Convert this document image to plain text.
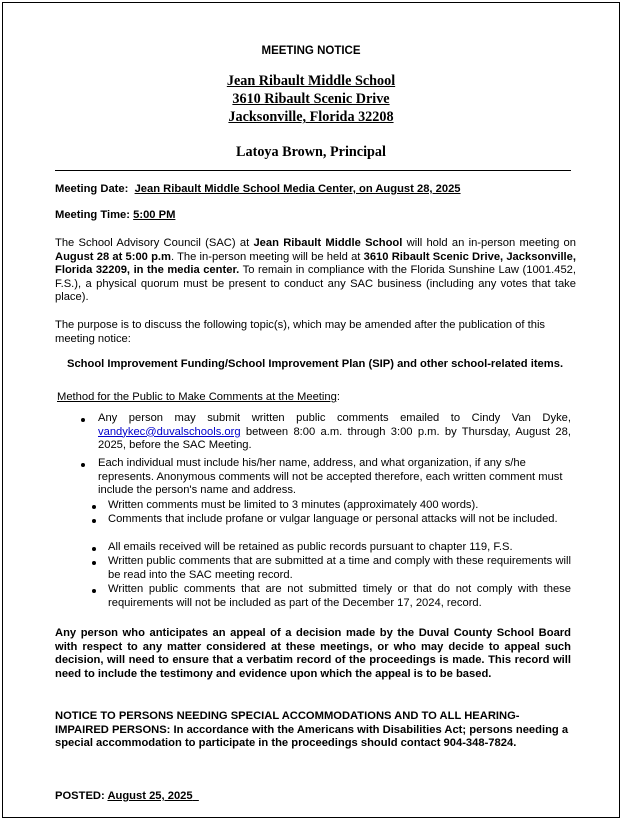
MEETING NOTICE
Jean Ribault Middle School
3610 Ribault Scenic Drive
Jacksonville, Florida 32208
Latoya Brown, Principal
Meeting Date: Jean Ribault Middle School Media Center, on August 28, 2025
Meeting Time: 5:00 PM
The School Advisory Council (SAC) at Jean Ribault Middle School will hold an in-person meeting on August 28 at 5:00 p.m. The in-person meeting will be held at 3610 Ribault Scenic Drive, Jacksonville, Florida 32209, in the media center. To remain in compliance with the Florida Sunshine Law (1001.452, F.S.), a physical quorum must be present to conduct any SAC business (including any votes that take place).
The purpose is to discuss the following topic(s), which may be amended after the publication of this meeting notice:
School Improvement Funding/School Improvement Plan (SIP) and other school-related items.
Method for the Public to Make Comments at the Meeting:
Any person may submit written public comments emailed to Cindy Van Dyke, vandykec@duvalschools.org between 8:00 a.m. through 3:00 p.m. by Thursday, August 28, 2025, before the SAC Meeting.
Each individual must include his/her name, address, and what organization, if any s/he represents. Anonymous comments will not be accepted therefore, each written comment must include the person's name and address.
Written comments must be limited to 3 minutes (approximately 400 words).
Comments that include profane or vulgar language or personal attacks will not be included.
All emails received will be retained as public records pursuant to chapter 119, F.S.
Written public comments that are submitted at a time and comply with these requirements will be read into the SAC meeting record.
Written public comments that are not submitted timely or that do not comply with these requirements will not be included as part of the December 17, 2024, record.
Any person who anticipates an appeal of a decision made by the Duval County School Board with respect to any matter considered at these meetings, or who may decide to appeal such decision, will need to ensure that a verbatim record of the proceedings is made. This record will need to include the testimony and evidence upon which the appeal is to be based.
NOTICE TO PERSONS NEEDING SPECIAL ACCOMMODATIONS AND TO ALL HEARING-IMPAIRED PERSONS: In accordance with the Americans with Disabilities Act; persons needing a special accommodation to participate in the proceedings should contact 904-348-7824.
POSTED: August 25, 2025
